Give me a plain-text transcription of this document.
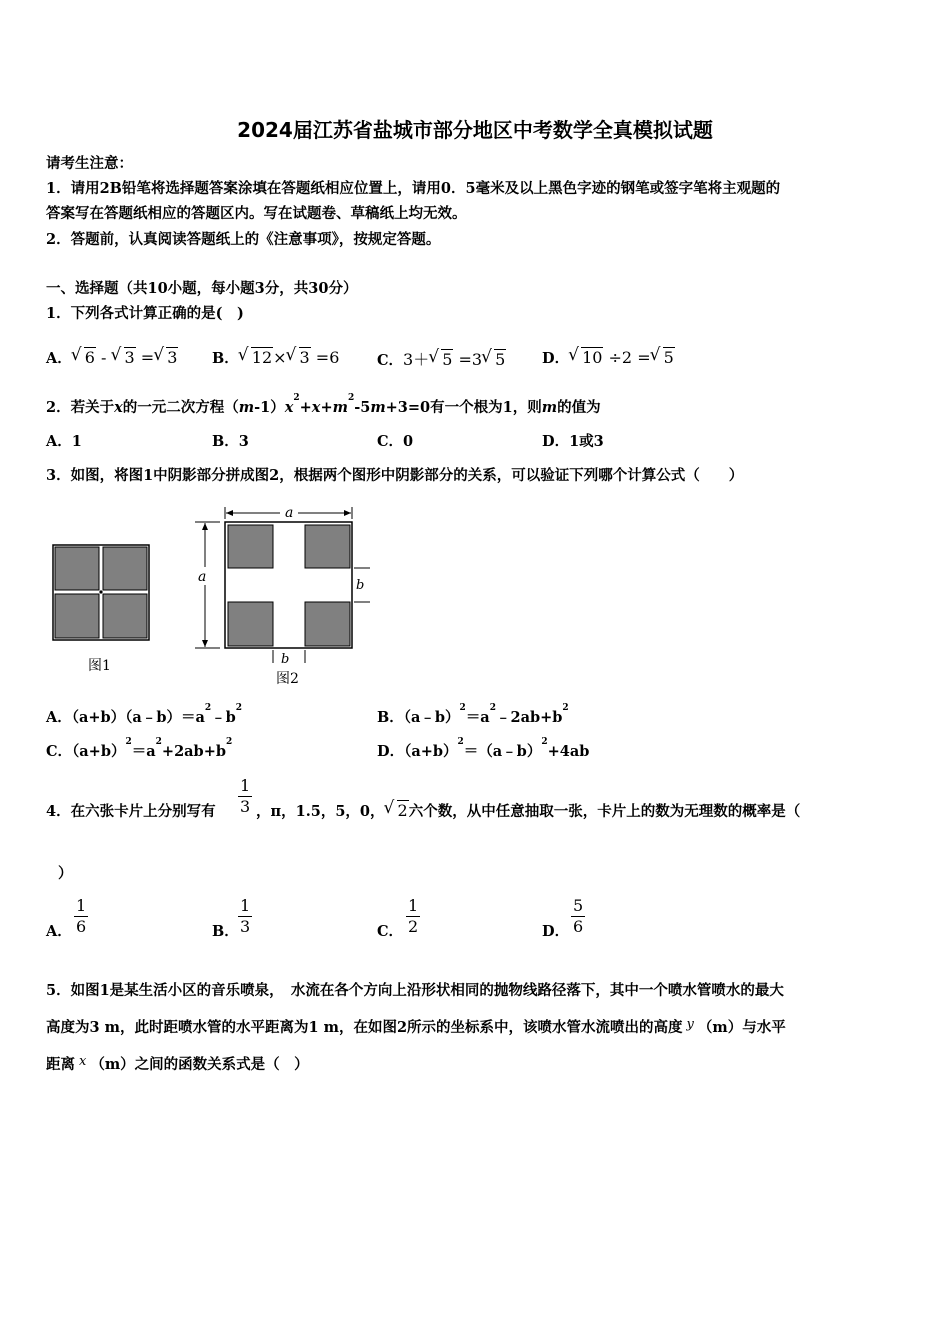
2024届江苏省盐城市部分地区中考数学全真模拟试题
请考生注意：
1．请用2B铅笔将选择题答案涂填在答题纸相应位置上，请用0．5毫米及以上黑色字迹的钢笔或签字笔将主观题的
答案写在答题纸相应的答题区内。写在试题卷、草稿纸上均无效。
2．答题前，认真阅读答题纸上的《注意事项》，按规定答题。
一、选择题（共10小题，每小题3分，共30分）
1．下列各式计算正确的是(　)
A． √ 6 - √ 3 = √ 3 B． √ 12× √ 3 =6	C．3＋ √ 5 =3 √ 5	D． √ 10 ÷2 = √ 5
2．若关于x的一元二次方程$(m-1)x^2+x+m^2-5m+3=0$有一个根为1，则m的值为
A．1	B．3	C．0	D．1或3
3．如图，将图1中阴影部分拼成图2，根据两个图形中阴影部分的关系，可以验证下列哪个计算公式（　　）
图1
a
a
b
b
图2
A．$(a+b)(a﹣b)=a^2﹣b^2$
B．$(a﹣b)^2=a^2﹣2ab+b^2$
C．$(a+b)^2=a^2+2ab+b^2$
D．$(a+b)^2=(a﹣b)^2+4ab$
4．在六张卡片上分别写有 $\frac{1}{3}$ ，π，1.5，5，0， √ 2六个数，从中任意抽取一张，卡片上的数为无理数的概率是（
）
A． $\frac{1}{6}$	B． $\frac{1}{3}$	C． $\frac{1}{2}$	D． $\frac{5}{6}$
5．如图1是某生活小区的音乐喷泉，　水流在各个方向上沿形状相同的抛物线路径落下，其中一个喷水管喷水的最大
高度为3 m，此时距喷水管的水平距离为1 m，在如图2所示的坐标系中，该喷水管水流喷出的高度 y （m）与水平
距离 x （m）之间的函数关系式是（　）
